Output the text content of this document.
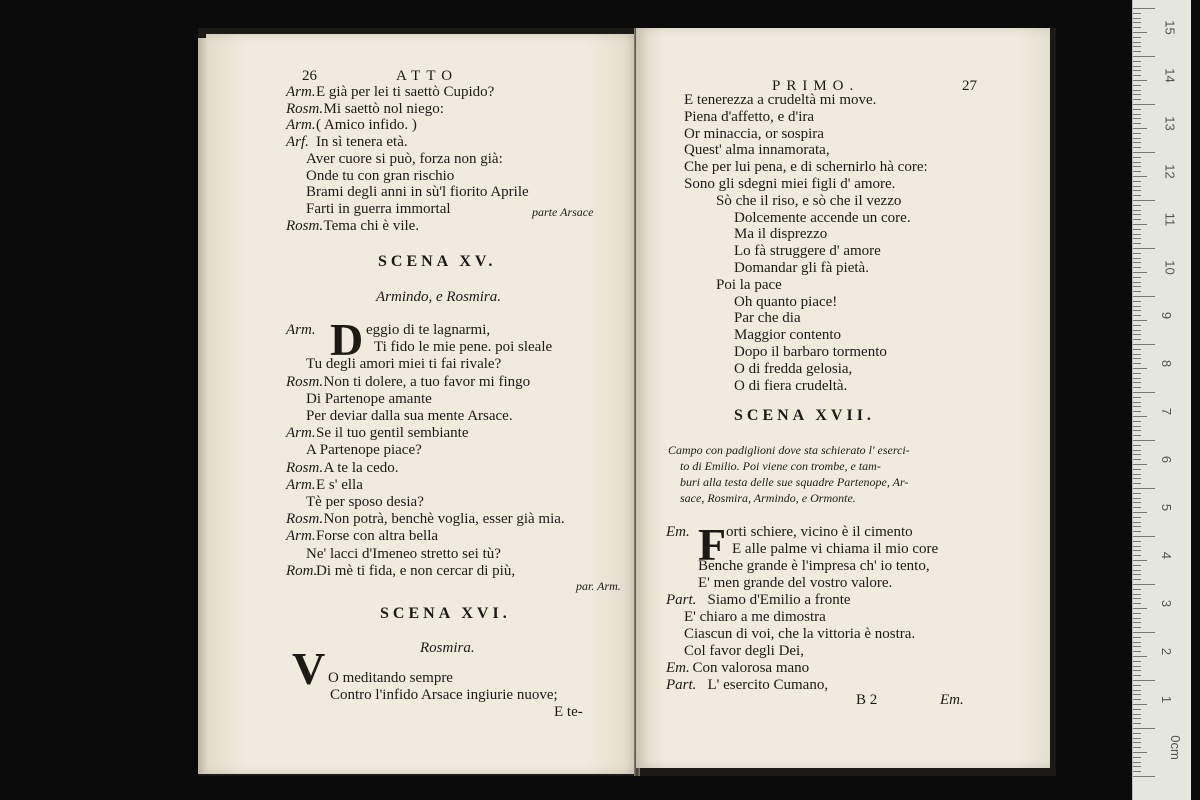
26	ATTO
Arm. E già per lei ti saettò Cupido?
Rosm. Mi saettò nol niego:
Arm. ( Amico infido. )
Arf. In sì tenera età.
Aver cuore si può, forza non già:
Onde tu con gran rischio
Brami degli anni in sù'l fiorito Aprile
Farti in guerra immortal
Rosm. Tema chi è vile.
parte Arsace
SCENA XV.
Armindo, e Rosmira.
D
Arm.	eggio di te lagnarmi,
Ti fido le mie pene. poi sleale
Tu degli amori miei ti fai rivale?
Rosm. Non ti dolere, a tuo favor mi fingo
Di Partenope amante
Per deviar dalla sua mente Arsace.
Arm. Se il tuo gentil sembiante
A Partenope piace?
Rosm. A te la cedo.
Arm. E s' ella
Tè per sposo desia?
Rosm. Non potrà, benchè voglia, esser già mia.
Arm. Forse con altra bella
Ne' lacci d'Imeneo stretto sei tù?
Rom.
Di mè ti fida, e non cercar di più,
par. Arm.
SCENA XVI.
Rosmira.
V O meditando sempre
Contro l'infido Arsace ingiurie nuove;
E te-
PRIMO.	27
E tenerezza a crudeltà mi move.
Piena d'affetto, e d'ira
Or minaccia, or sospira
Quest' alma innamorata,
Che per lui pena, e di schernirlo hà core:
Sono gli sdegni miei figli d' amore.
Sò che il riso, e sò che il vezzo
Dolcemente accende un core.
Ma il disprezzo
Lo fà struggere d' amore
Domandar gli fà pietà.
Poi la pace
Oh quanto piace!
Par che dia
Maggior contento
Dopo il barbaro tormento
O di fredda gelosia,
O di fiera crudeltà.
SCENA XVII.
Campo con padiglioni dove sta schierato l' eserci-
to di Emilio. Poi viene con trombe, e tam-
buri alla testa delle sue squadre Partenope, Ar-
sace, Rosmira, Armindo, e Ormonte.
F
Em. orti schiere, vicino è il cimento
E alle palme vi chiama il mio core
Benche grande è l'impresa ch' io tento,
E' men grande del vostro valore.
Part. Siamo d'Emilio a fronte
E' chiaro a me dimostra
Ciascun di voi, che la vittoria è nostra.
Col favor degli Dei,
Em. Con valorosa mano
Part. L' esercito Cumano,
B 2	Em.
15
14
13
12
11
10
9
8
7
6
5
4
3
2
1
0cm
